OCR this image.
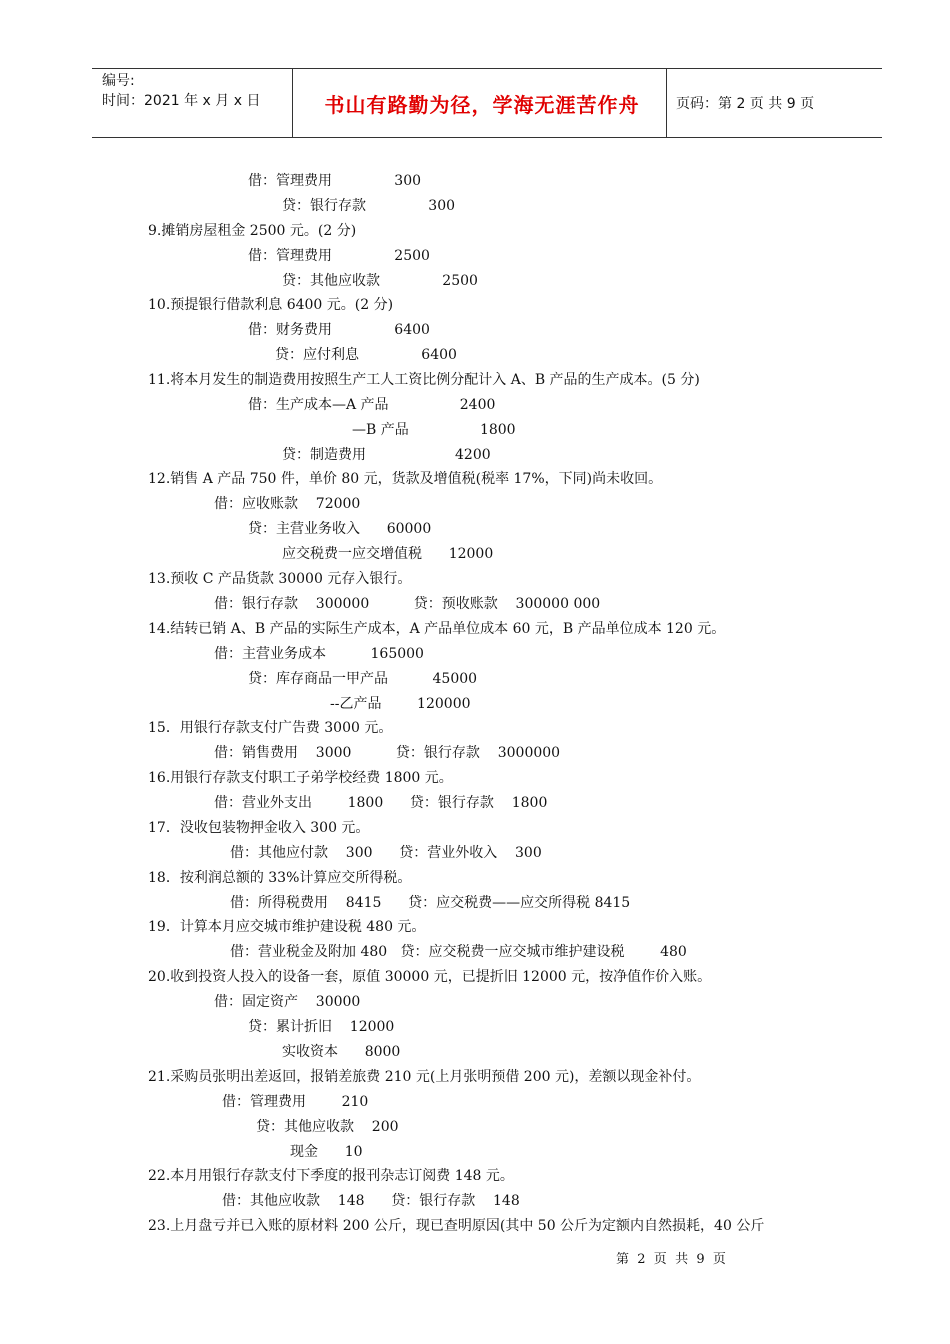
编号:
时间：2021 年 x 月 x 日	书山有路勤为径，学海无涯苦作舟	页码：第 2 页 共 9 页
借：管理费用              300
贷：银行存款              300
9.摊销房屋租金 2500 元。(2 分)
借：管理费用              2500
贷：其他应收款              2500
10.预提银行借款利息 6400 元。(2 分)
借：财务费用              6400
贷：应付利息              6400
11.将本月发生的制造费用按照生产工人工资比例分配计入 A、B 产品的生产成本。(5 分)
借：生产成本—A 产品                2400
—B 产品                1800
贷：制造费用                    4200
12.销售 A 产品 750 件，单价 80 元，货款及增值税(税率 17%，下同)尚未收回。
借：应收账款    72000
贷：主营业务收入      60000
应交税费一应交增值税      12000
13.预收 C 产品货款 30000 元存入银行。
借：银行存款    300000          贷：预收账款    300000 000
14.结转已销 A、B 产品的实际生产成本，A 产品单位成本 60 元，B 产品单位成本 120 元。
借：主营业务成本          165000
贷：库存商品一甲产品          45000
--乙产品        120000
15．用银行存款支付广告费 3000 元。
借：销售费用    3000          贷：银行存款    3000000
16.用银行存款支付职工子弟学校经费 1800 元。
借：营业外支出        1800      贷：银行存款    1800
17．没收包装物押金收入 300 元。
借：其他应付款    300      贷：营业外收入    300
18．按利润总额的 33%计算应交所得税。
借：所得税费用    8415      贷：应交税费——应交所得税 8415
19．计算本月应交城市维护建设税 480 元。
借：营业税金及附加 480   贷：应交税费一应交城市维护建设税        480
20.收到投资人投入的设备一套，原值 30000 元，已提折旧 12000 元，按净值作价入账。
借：固定资产    30000
贷：累计折旧    12000
实收资本      8000
21.采购员张明出差返回，报销差旅费 210 元(上月张明预借 200 元)，差额以现金补付。
借：管理费用        210
贷：其他应收款    200
现金      10
22.本月用银行存款支付下季度的报刊杂志订阅费 148 元。
借：其他应收款    148      贷：银行存款    148
23.上月盘亏并已入账的原材料 200 公斤，现已查明原因(其中 50 公斤为定额内自然损耗，40 公斤
第  2  页  共  9  页
